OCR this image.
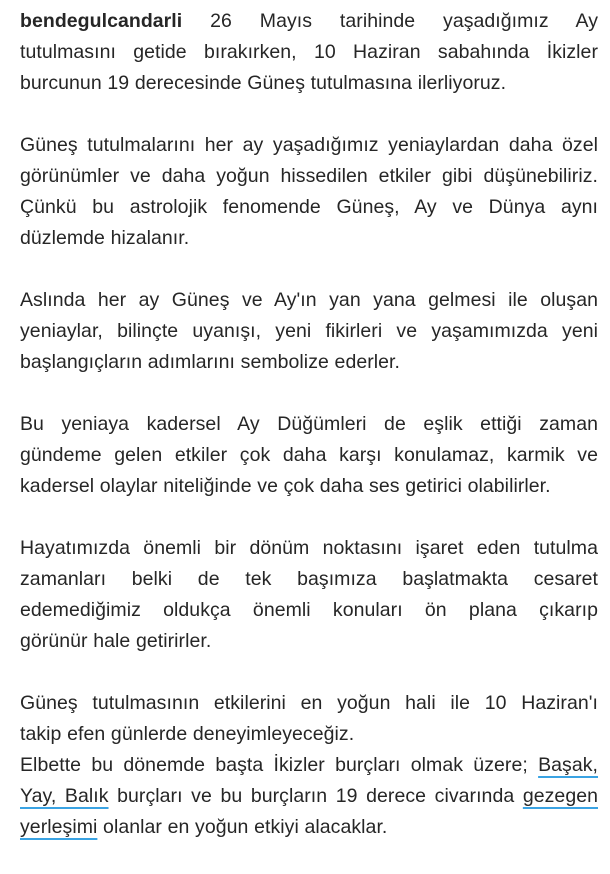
bendegulcandarli 26 Mayıs tarihinde yaşadığımız Ay
tutulmasını getide bırakırken, 10 Haziran sabahında İkizler
burcunun 19 derecesinde Güneş tutulmasına ilerliyoruz.

Güneş tutulmalarını her ay yaşadığımız yeniaylardan daha özel
görünümler ve daha yoğun hissedilen etkiler gibi düşünebiliriz.
Çünkü bu astrolojik fenomende Güneş, Ay ve Dünya aynı
düzlemde hizalanır.

Aslında her ay Güneş ve Ay'ın yan yana gelmesi ile oluşan
yeniaylar, bilinçte uyanışı, yeni fikirleri ve yaşamımızda yeni
başlangıçların adımlarını sembolize ederler.

Bu yeniaya kadersel Ay Düğümleri de eşlik ettiği zaman
gündeme gelen etkiler çok daha karşı konulamaz, karmik ve
kadersel olaylar niteliğinde ve çok daha ses getirici olabilirler.

Hayatımızda önemli bir dönüm noktasını işaret eden tutulma
zamanları belki de tek başımıza başlatmakta cesaret
edemediğimiz oldukça önemli konuları ön plana çıkarıp
görünür hale getirirler.

Güneş tutulmasının etkilerini en yoğun hali ile 10 Haziran'ı
takip efen günlerde deneyimleyeceğiz.
Elbette bu dönemde başta İkizler burçları olmak üzere; Başak,
Yay, Balık burçları ve bu burçların 19 derece civarında gezegen
yerleşimi olanlar en yoğun etkiyi alacaklar.
